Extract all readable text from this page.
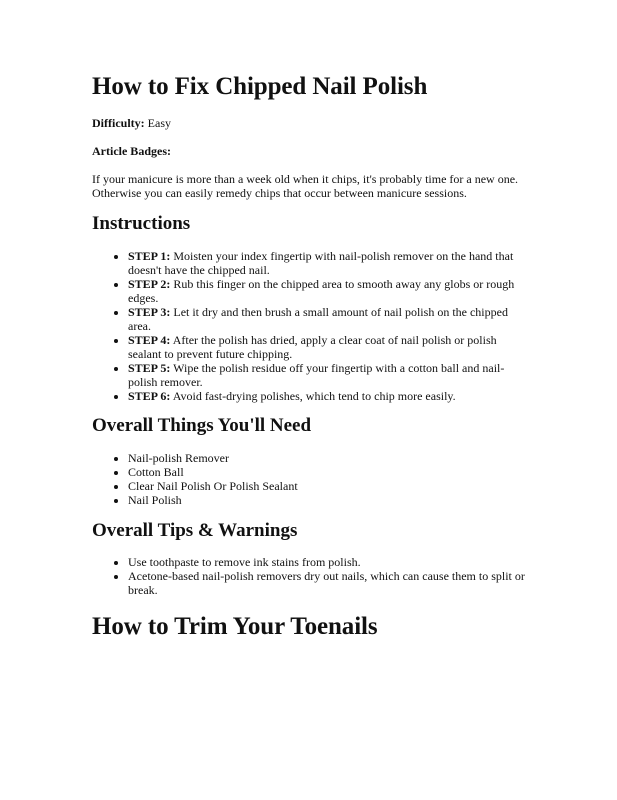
How to Fix Chipped Nail Polish

Difficulty: Easy

Article Badges:

If your manicure is more than a week old when it chips, it's probably time for a new one. Otherwise you can easily remedy chips that occur between manicure sessions.

Instructions
• STEP 1: Moisten your index fingertip with nail-polish remover on the hand that doesn't have the chipped nail.
• STEP 2: Rub this finger on the chipped area to smooth away any globs or rough edges.
• STEP 3: Let it dry and then brush a small amount of nail polish on the chipped area.
• STEP 4: After the polish has dried, apply a clear coat of nail polish or polish sealant to prevent future chipping.
• STEP 5: Wipe the polish residue off your fingertip with a cotton ball and nail-polish remover.
• STEP 6: Avoid fast-drying polishes, which tend to chip more easily.
Overall Things You'll Need
• Nail-polish Remover
• Cotton Ball
• Clear Nail Polish Or Polish Sealant
• Nail Polish
Overall Tips & Warnings
• Use toothpaste to remove ink stains from polish.
• Acetone-based nail-polish removers dry out nails, which can cause them to split or break.
How to Trim Your Toenails
